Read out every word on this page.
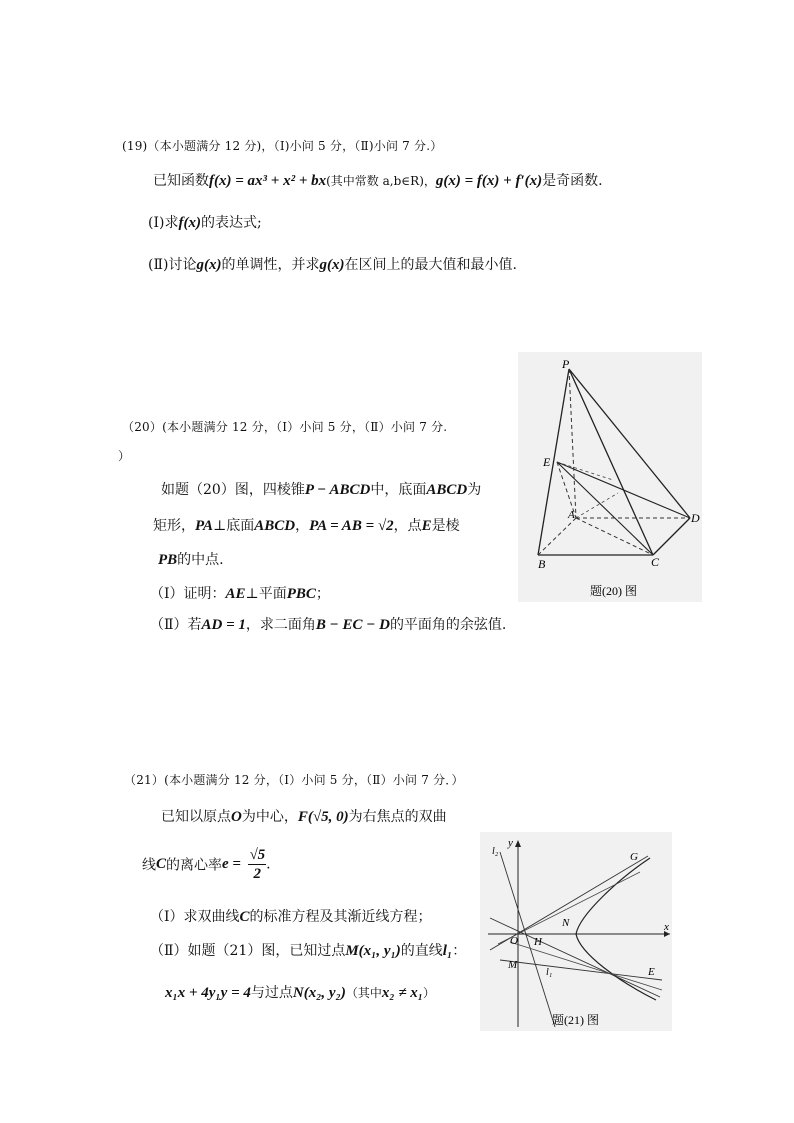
(19)（本小题满分 12 分)，（Ⅰ)小问 5 分，（Ⅱ)小问 7 分.）
已知函数f(x) = ax³ + x² + bx(其中常数 a,b∈R)，g(x) = f(x) + f′(x)是奇函数.
(Ⅰ)求f(x)的表达式;
(Ⅱ)讨论g(x)的单调性，并求g(x)在区间上的最大值和最小值.
（20）(本小题满分 12 分，（Ⅰ）小问 5 分，（Ⅱ）小问 7 分.
）
如题（20）图，四棱锥P − ABCD中，底面ABCD为
矩形，PA⊥底面ABCD，PA = AB = √2，点E是棱
PB的中点.
（Ⅰ）证明：AE⊥平面PBC；
（Ⅱ）若AD = 1，求二面角B − EC − D的平面角的余弦值.
P
E
A
B	C
D
题(20) 图
（21）(本小题满分 12 分，（Ⅰ）小问 5 分，（Ⅱ）小问 7 分．）
已知以原点O为中心，F(√5, 0)为右焦点的双曲
线C的离心率$e = \frac{√5}{2}$ .
（Ⅰ）求双曲线C的标准方程及其渐近线方程；
（Ⅱ）如题（21）图，已知过点M(x₁, y₁)的直线l₁：
x₁x + 4y₁y = 4与过点N(x₂, y₂)（其中x₂ ≠ x₁）
y
x
O H
N
M
G
E
l₂
l₁
题(21) 图
